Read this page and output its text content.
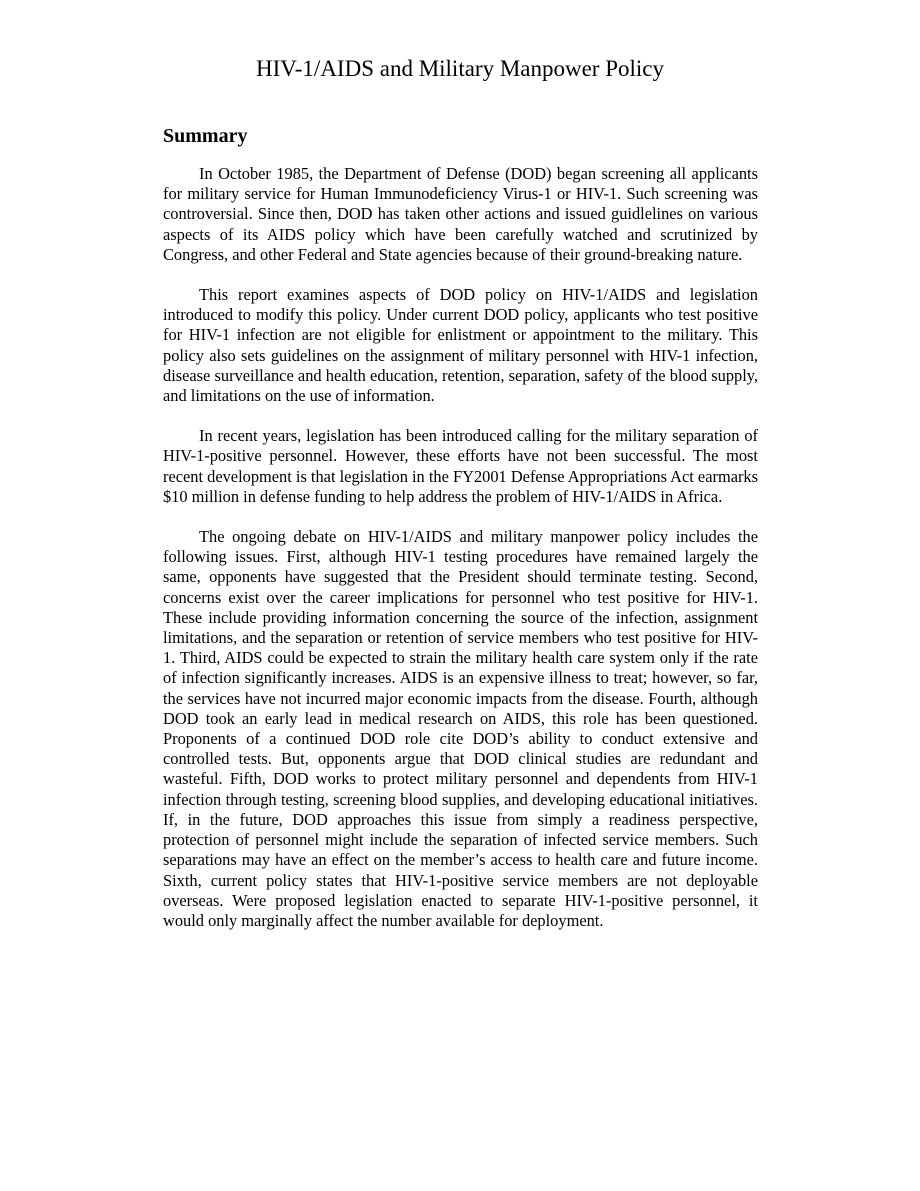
HIV-1/AIDS and Military Manpower Policy
Summary

In October 1985, the Department of Defense (DOD) began screening all applicants for military service for Human Immunodeficiency Virus-1 or HIV-1. Such screening was controversial. Since then, DOD has taken other actions and issued guidlelines on various aspects of its AIDS policy which have been carefully watched and scrutinized by Congress, and other Federal and State agencies because of their ground-breaking nature.

This report examines aspects of DOD policy on HIV-1/AIDS and legislation introduced to modify this policy. Under current DOD policy, applicants who test positive for HIV-1 infection are not eligible for enlistment or appointment to the military. This policy also sets guidelines on the assignment of military personnel with HIV-1 infection, disease surveillance and health education, retention, separation, safety of the blood supply, and limitations on the use of information.

In recent years, legislation has been introduced calling for the military separation of HIV-1-positive personnel. However, these efforts have not been successful. The most recent development is that legislation in the FY2001 Defense Appropriations Act earmarks $10 million in defense funding to help address the problem of HIV-1/AIDS in Africa.

The ongoing debate on HIV-1/AIDS and military manpower policy includes the following issues. First, although HIV-1 testing procedures have remained largely the same, opponents have suggested that the President should terminate testing. Second, concerns exist over the career implications for personnel who test positive for HIV-1. These include providing information concerning the source of the infection, assignment limitations, and the separation or retention of service members who test positive for HIV-1. Third, AIDS could be expected to strain the military health care system only if the rate of infection significantly increases. AIDS is an expensive illness to treat; however, so far, the services have not incurred major economic impacts from the disease. Fourth, although DOD took an early lead in medical research on AIDS, this role has been questioned. Proponents of a continued DOD role cite DOD’s ability to conduct extensive and controlled tests. But, opponents argue that DOD clinical studies are redundant and wasteful. Fifth, DOD works to protect military personnel and dependents from HIV-1 infection through testing, screening blood supplies, and developing educational initiatives. If, in the future, DOD approaches this issue from simply a readiness perspective, protection of personnel might include the separation of infected service members. Such separations may have an effect on the member’s access to health care and future income. Sixth, current policy states that HIV-1-positive service members are not deployable overseas. Were proposed legislation enacted to separate HIV-1-positive personnel, it would only marginally affect the number available for deployment.
